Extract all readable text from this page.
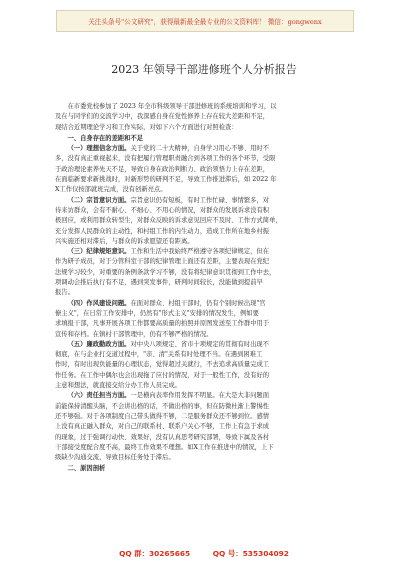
关注头条号"公文研究"，获得最新最全最专业的公文资料库！ 微信：gongwenx
2023 年领导干部进修班个人分析报告
在市委党校参加了 2023 年全市科级领导干部进修班的系统培训和学习，以
及在与同学们的交流学习中，我深感自身在党性修养上存在较大差距和不足，
现结合近期理论学习和工作实际，对如下六个方面进行对照检查：
一、自身存在的差距和不足
（一）理想信念方面。关于党的二十大精神，自身学习用心不够、用时不
多，没有真正重视起来，没有把履行管理职责融合到各项工作的各个环节，受限
于政治理论素养先天不足，导致自身在政治判断力、政治领悟力上存在差距，
在面临新要求新挑战时，对新形势的研判不足，导致工作推进滞后，如 2022 年
X工作仅按部就班完成，没有创新亮点。
（二）宗旨意识方面。宗旨意识仍有短板，有时工作忙碌、事情繁多，对
待来访群众，会有不耐心、不细心、不用心的情况，对群众的发展诉求没有积
极回应，或利用群众转型生，对群众反映的诉求意见回应不及时、工作方式简单，
充分发挥人民群众的主动性，和村组工作的内生动力，造成工作所在地乡村振
兴实施还相对滞后，与群众的诉求愿望还有距离。
（三）纪律规矩意识。工作和生活中我始终严格遵守各项纪律规定，但在
作为研子成员，对于分管科室干部的纪律管理上面还有差距，主要表现在党纪
法规学习较少，对重要的条例条款学习不够，没有将纪律意识贯彻到工作中去，
项调动会推后执行有不足，遇到突发事件，研判时间较长，没能做到提前早
报告。
（四）作风建设问题。在面对群众、村组干部时，仍有个别时候出现"官
僚主义"，在日常工作安排中，仍然有"形式主义"安排的情况发生，例如要
求填报干部，凡事开展各项工作都要高质量的拍照并原图发送至工作群中用于
宣传和存档。在镇村干部管理中，仍有不够严格的情况。
（五）廉政勤政方面。对中央八项规定、省市十项规定的贯彻有时出现不
彻底，在与企业打交道过程中，"亲、清"关系有时处理不当。在遇到困难工
作时，有时出现负能量的心理状态，觉得超过关就行，不去追求高质量完成工
作任务。在工作中偶尔也会出现拖了应付的情况，对于一般性工作，没有好的
主意和想法，就直接交给分办工作人员完成。
（六）责任担当方面。一是横向表率作用发挥不明显。在大是大非问题面
前能保持清醒头脑，不会讲出格的话，不做出格的事，但在防微杜渐上警惕性
还不够强。对于各项制度自己带头做得不够，二是服务群众还不够到位。感情
上没有真正融入群众，对自己的联系村、联系户关心不够，工作上有急于求成
的现象，过于强调行动快、效果好，没有认真思考研究部署，导致下属及各村
干部接受度配合度不高，最终工作效果不理想。如X工作在推进中的情况，上下
级缺少沟通交流，导致目标任务处于滞后。
二、原因剖析
QQ 群：30265665	QQ 号：535304092
